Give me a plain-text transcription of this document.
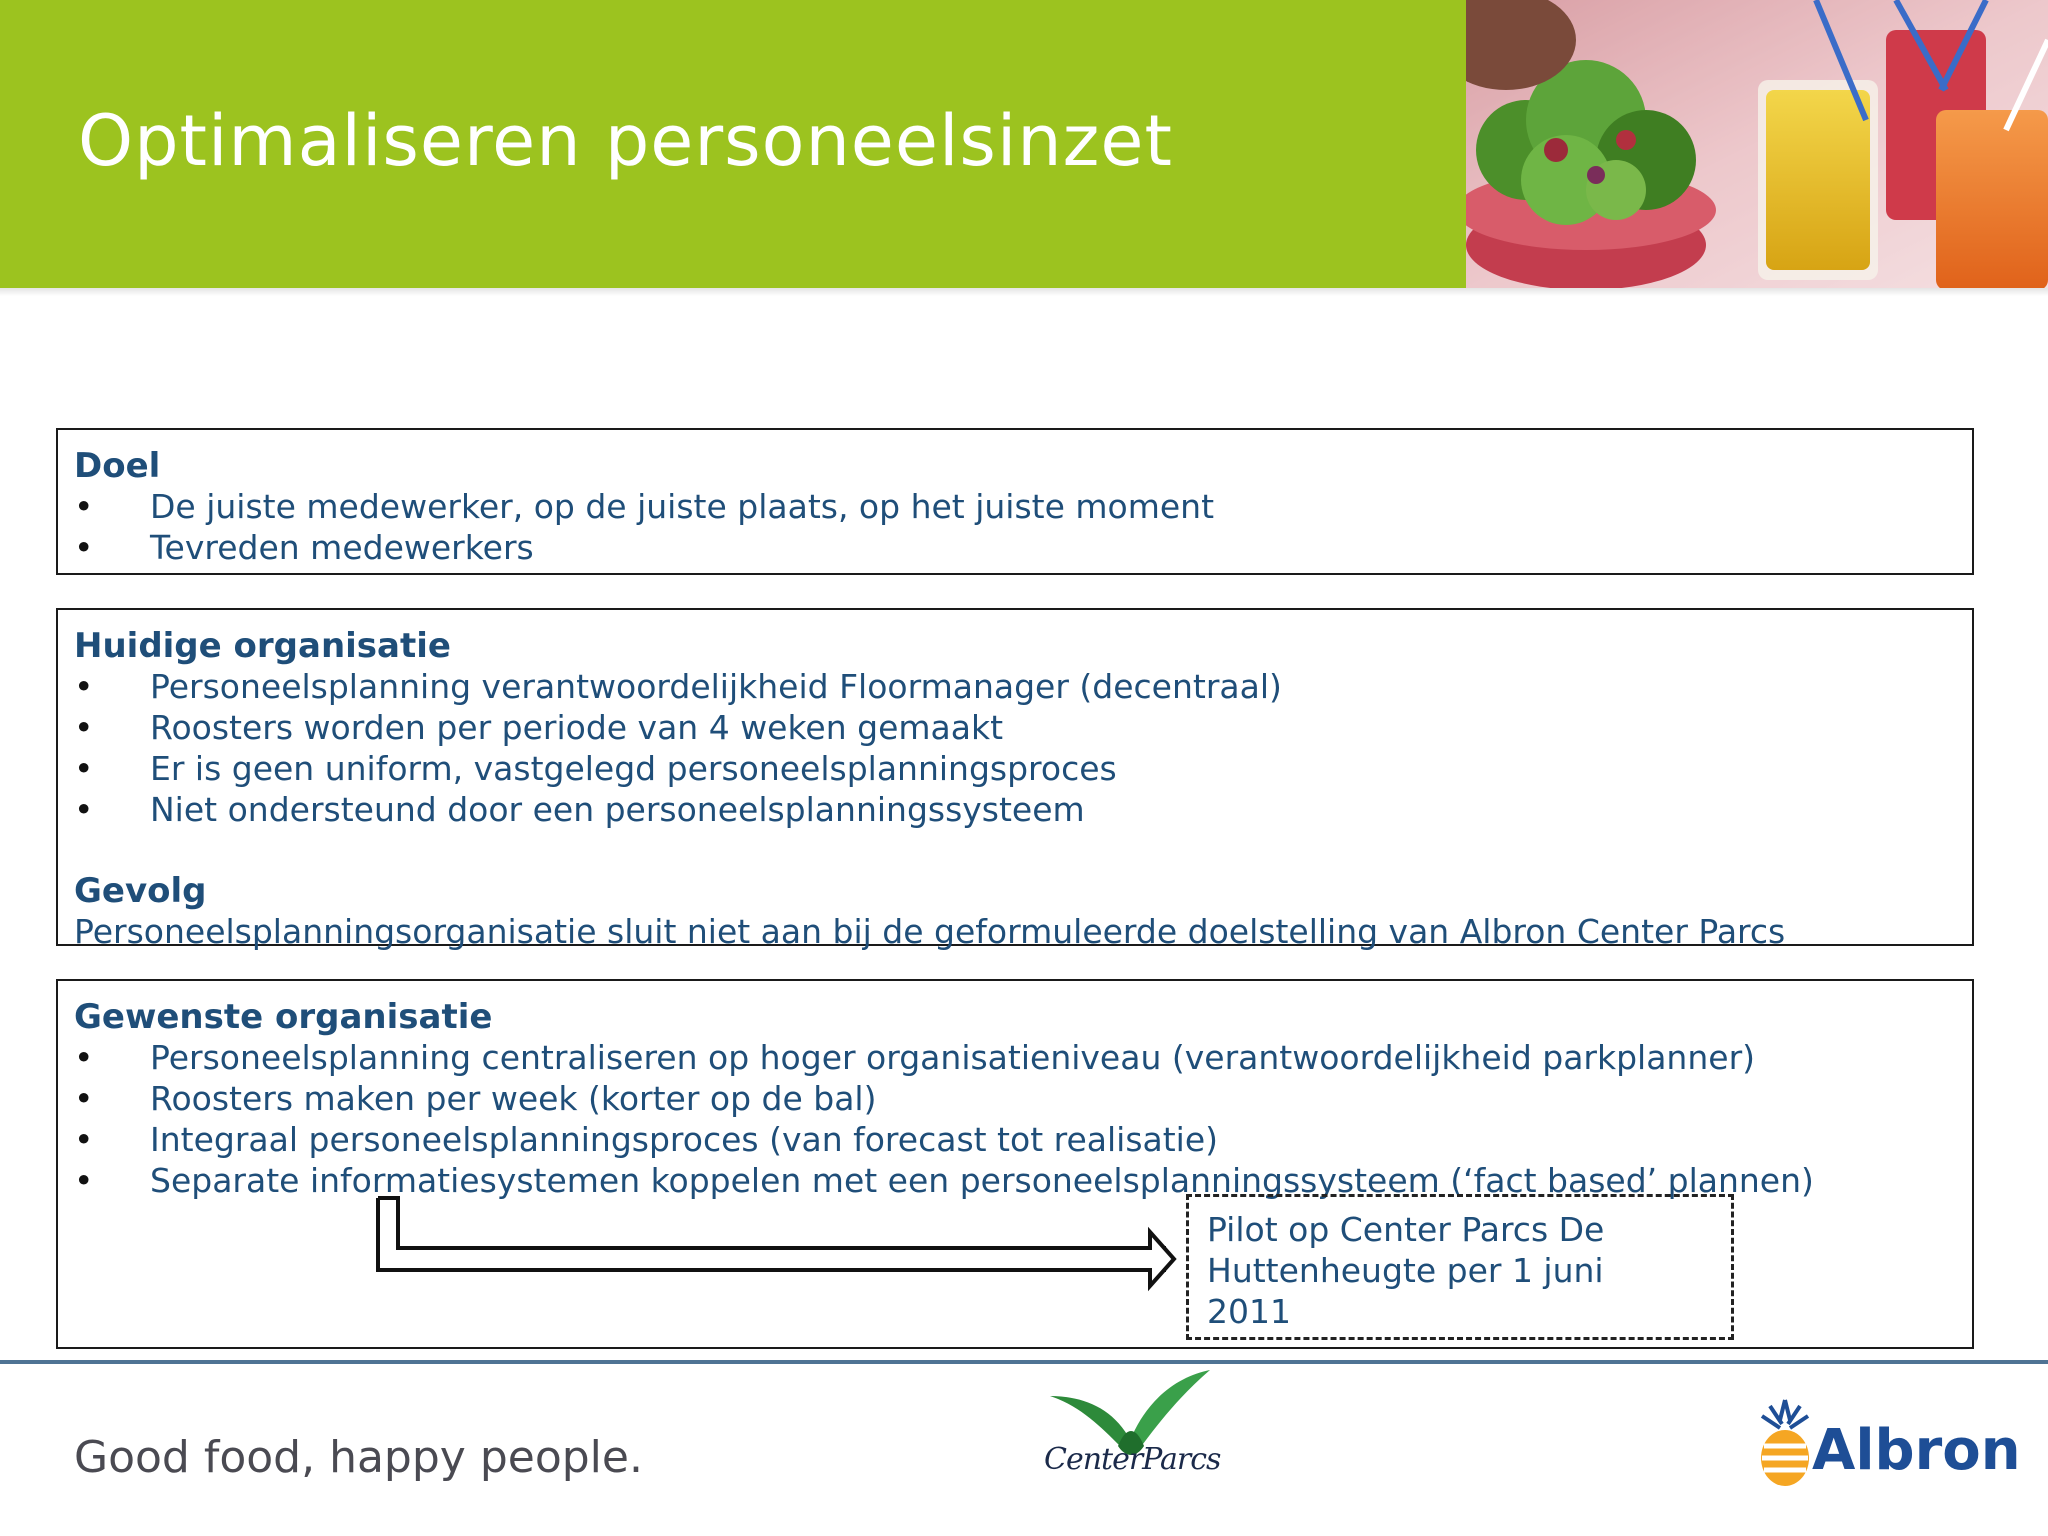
Optimaliseren personeelsinzet
Doel
• De juiste medewerker, op de juiste plaats, op het juiste moment
• Tevreden medewerkers
Huidige organisatie
• Personeelsplanning verantwoordelijkheid Floormanager (decentraal)
• Roosters worden per periode van 4 weken gemaakt
• Er is geen uniform, vastgelegd personeelsplanningsproces
• Niet ondersteund door een personeelsplanningssysteem
Gevolg
Personeelsplanningsorganisatie sluit niet aan bij de geformuleerde doelstelling van Albron Center Parcs
Gewenste organisatie
• Personeelsplanning centraliseren op hoger organisatieniveau (verantwoordelijkheid parkplanner)
• Roosters maken per week (korter op de bal)
• Integraal personeelsplanningsproces (van forecast tot realisatie)
• Separate informatiesystemen koppelen met een personeelsplanningssysteem (‘fact based’ plannen)
Pilot op Center Parcs De
Huttenheugte per 1 juni
2011
Good food, happy people.	CenterParcs	Albron
